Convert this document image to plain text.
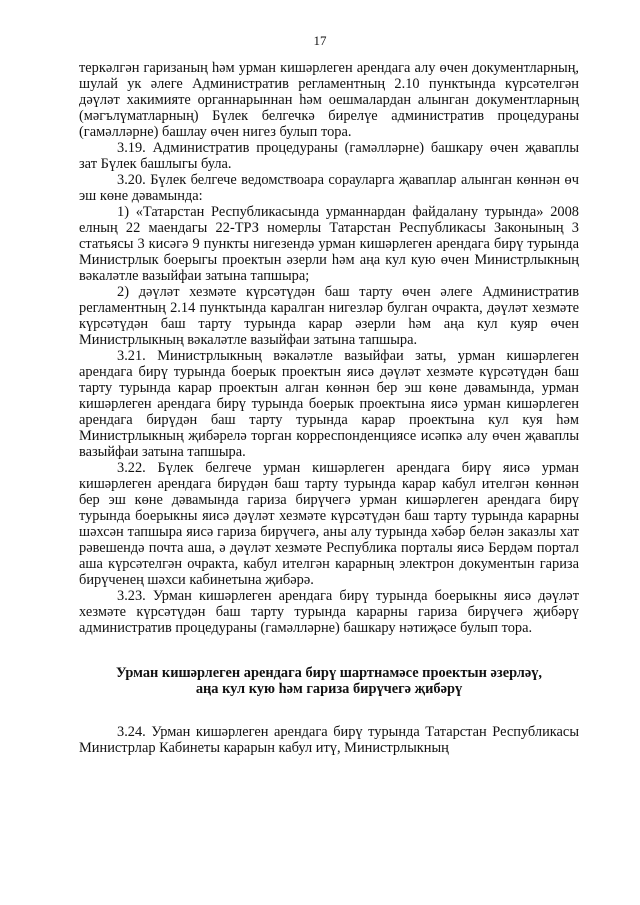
17

теркәлгән гаризаның һәм урман кишәрлеген арендага алу өчен документларның, шулай ук әлеге Административ регламентның 2.10 пунктында күрсәтелгән дәүләт хакимияте органнарыннан һәм оешмалардан алынган документларның (мәгълүматларның) Бүлек белгечкә бирелүе административ процедураны (гамәлләрне) башлау өчен нигез булып тора.

3.19. Административ процедураны (гамәлләрне) башкару өчен җаваплы зат Бүлек башлыгы була.

3.20. Бүлек белгече ведомствоара сорауларга җаваплар алынган көннән өч эш көне дәвамында:

1) «Татарстан Республикасында урманнардан файдалану турында» 2008 елның 22 маендагы 22-ТРЗ номерлы Татарстан Республикасы Законының 3 статьясы 3 кисәгә 9 пункты нигезендә урман кишәрлеген арендага бирү турында Министрлык боерыгы проектын әзерли һәм аңа кул кую өчен Министрлыкның вәкаләтле вазыйфаи затына тапшыра;

2) дәүләт хезмәте күрсәтүдән баш тарту өчен әлеге Административ регламентның 2.14 пунктында каралган нигезләр булган очракта, дәүләт хезмәте күрсәтүдән баш тарту турында карар әзерли һәм аңа кул куяр өчен Министрлыкның вәкаләтле вазыйфаи затына тапшыра.

3.21. Министрлыкның вәкаләтле вазыйфаи заты, урман кишәрлеген арендага бирү турында боерык проектын яисә дәүләт хезмәте күрсәтүдән баш тарту турында карар проектын алган көннән бер эш көне дәвамында, урман кишәрлеген арендага бирү турында боерык проектына яисә урман кишәрлеген арендага бирүдән баш тарту турында карар проектына кул куя һәм Министрлыкның җибәрелә торган корреспонденциясе исәпкә алу өчен җаваплы вазыйфаи затына тапшыра.

3.22. Бүлек белгече урман кишәрлеген арендага бирү яисә урман кишәрлеген арендага бирүдән баш тарту турында карар кабул ителгән көннән бер эш көне дәвамында гариза бирүчегә урман кишәрлеген арендага бирү турында боерыкны яисә дәүләт хезмәте күрсәтүдән баш тарту турында карарны шәхсән тапшыра яисә гариза бирүчегә, аны алу турында хәбәр белән заказлы хат рәвешендә почта аша, ә дәүләт хезмәте Республика порталы яисә Бердәм портал аша күрсәтелгән очракта, кабул ителгән карарның электрон документын гариза бирүченең шәхси кабинетына җибәрә.

3.23. Урман кишәрлеген арендага бирү турында боерыкны яисә дәүләт хезмәте күрсәтүдән баш тарту турында карарны гариза бирүчегә җибәрү административ процедураны (гамәлләрне) башкару нәтиҗәсе булып тора.

Урман кишәрлеген арендага бирү шартнамәсе проектын әзерләү,
аңа кул кую һәм гариза бирүчегә җибәрү

3.24. Урман кишәрлеген арендага бирү турында Татарстан Республикасы Министрлар Кабинеты карарын кабул итү, Министрлыкның
